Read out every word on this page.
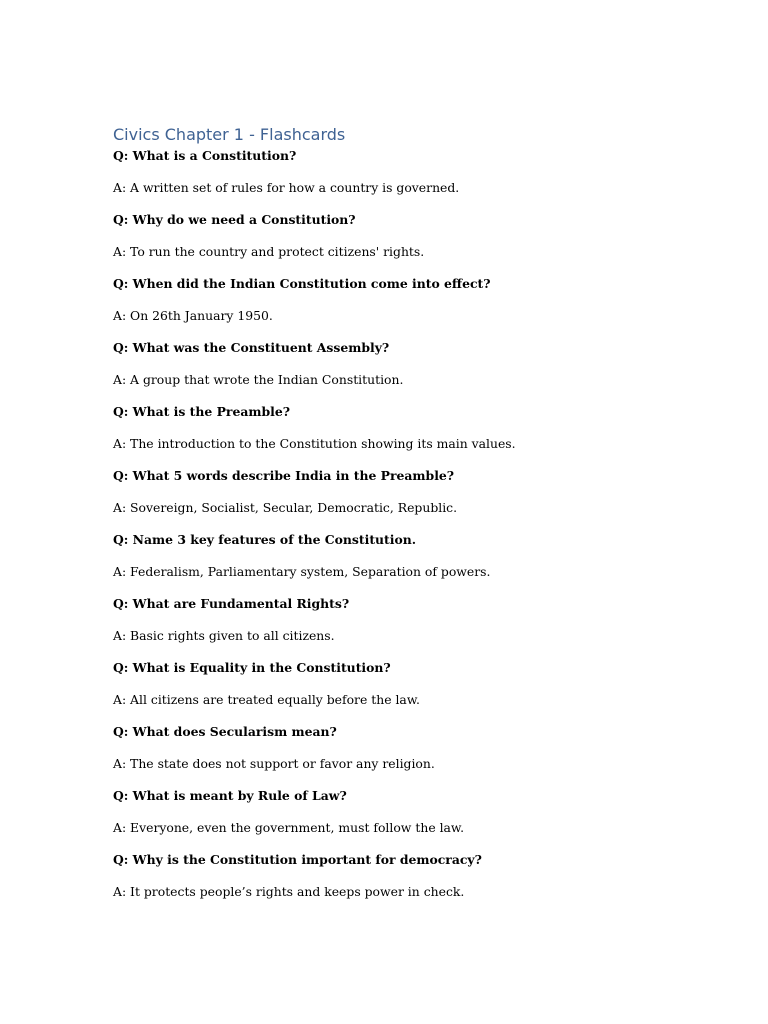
Civics Chapter 1 - Flashcards

Q: What is a Constitution?

A: A written set of rules for how a country is governed.

Q: Why do we need a Constitution?

A: To run the country and protect citizens' rights.

Q: When did the Indian Constitution come into effect?

A: On 26th January 1950.

Q: What was the Constituent Assembly?

A: A group that wrote the Indian Constitution.

Q: What is the Preamble?

A: The introduction to the Constitution showing its main values.

Q: What 5 words describe India in the Preamble?

A: Sovereign, Socialist, Secular, Democratic, Republic.

Q: Name 3 key features of the Constitution.

A: Federalism, Parliamentary system, Separation of powers.

Q: What are Fundamental Rights?

A: Basic rights given to all citizens.

Q: What is Equality in the Constitution?

A: All citizens are treated equally before the law.

Q: What does Secularism mean?

A: The state does not support or favor any religion.

Q: What is meant by Rule of Law?

A: Everyone, even the government, must follow the law.

Q: Why is the Constitution important for democracy?

A: It protects people’s rights and keeps power in check.
